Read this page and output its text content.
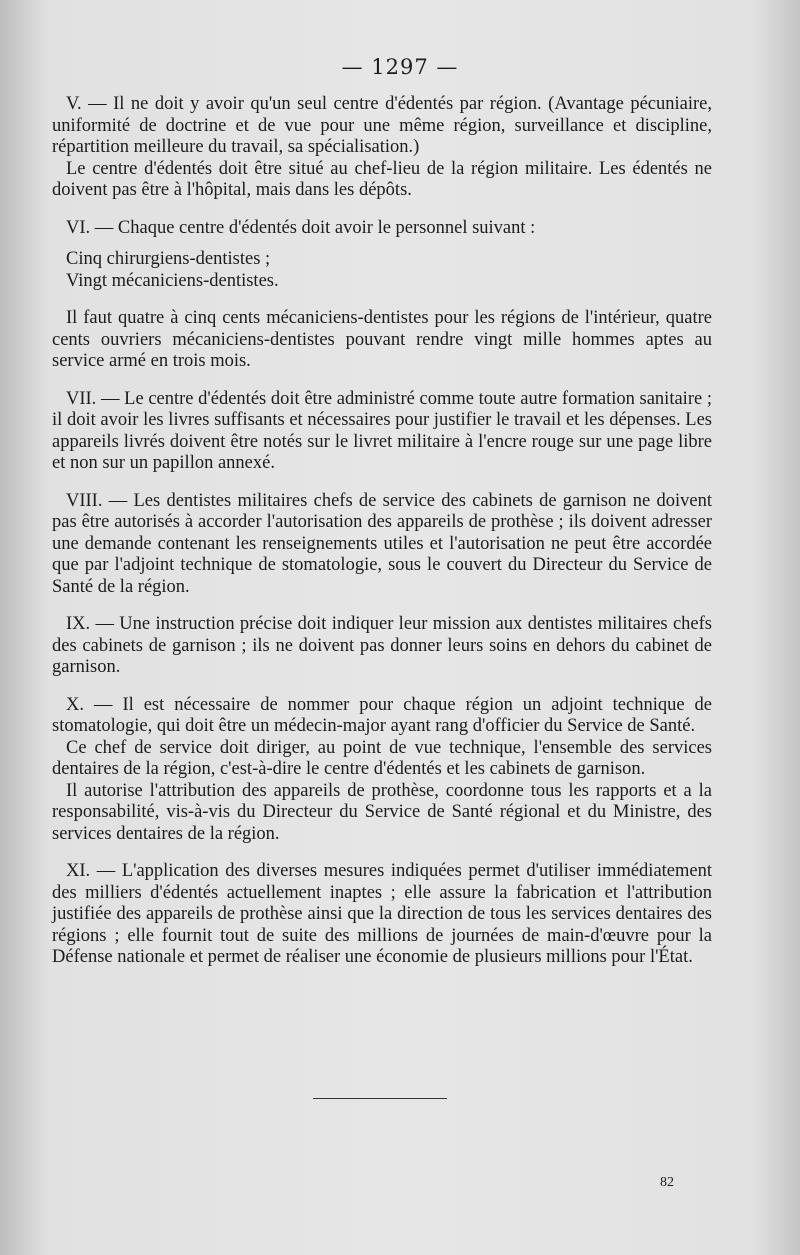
— 1297 —

V. — Il ne doit y avoir qu'un seul centre d'édentés par région. (Avantage pécuniaire, uniformité de doctrine et de vue pour une même région, surveillance et discipline, répartition meilleure du travail, sa spécialisation.)

Le centre d'édentés doit être situé au chef-lieu de la région militaire. Les édentés ne doivent pas être à l'hôpital, mais dans les dépôts.

VI. — Chaque centre d'édentés doit avoir le personnel suivant :

Cinq chirurgiens-dentistes ;

Vingt mécaniciens-dentistes.

Il faut quatre à cinq cents mécaniciens-dentistes pour les régions de l'intérieur, quatre cents ouvriers mécaniciens-dentistes pouvant rendre vingt mille hommes aptes au service armé en trois mois.

VII. — Le centre d'édentés doit être administré comme toute autre formation sanitaire ; il doit avoir les livres suffisants et nécessaires pour justifier le travail et les dépenses. Les appareils livrés doivent être notés sur le livret militaire à l'encre rouge sur une page libre et non sur un papillon annexé.

VIII. — Les dentistes militaires chefs de service des cabinets de garnison ne doivent pas être autorisés à accorder l'autorisation des appareils de prothèse ; ils doivent adresser une demande contenant les renseignements utiles et l'autorisation ne peut être accordée que par l'adjoint technique de stomatologie, sous le couvert du Directeur du Service de Santé de la région.

IX. — Une instruction précise doit indiquer leur mission aux dentistes militaires chefs des cabinets de garnison ; ils ne doivent pas donner leurs soins en dehors du cabinet de garnison.

X. — Il est nécessaire de nommer pour chaque région un adjoint technique de stomatologie, qui doit être un médecin-major ayant rang d'officier du Service de Santé.

Ce chef de service doit diriger, au point de vue technique, l'ensemble des services dentaires de la région, c'est-à-dire le centre d'édentés et les cabinets de garnison.

Il autorise l'attribution des appareils de prothèse, coordonne tous les rapports et a la responsabilité, vis-à-vis du Directeur du Service de Santé régional et du Ministre, des services dentaires de la région.

XI. — L'application des diverses mesures indiquées permet d'utiliser immédiatement des milliers d'édentés actuellement inaptes ; elle assure la fabrication et l'attribution justifiée des appareils de prothèse ainsi que la direction de tous les services dentaires des régions ; elle fournit tout de suite des millions de journées de main-d'œuvre pour la Défense nationale et permet de réaliser une économie de plusieurs millions pour l'État.

82
